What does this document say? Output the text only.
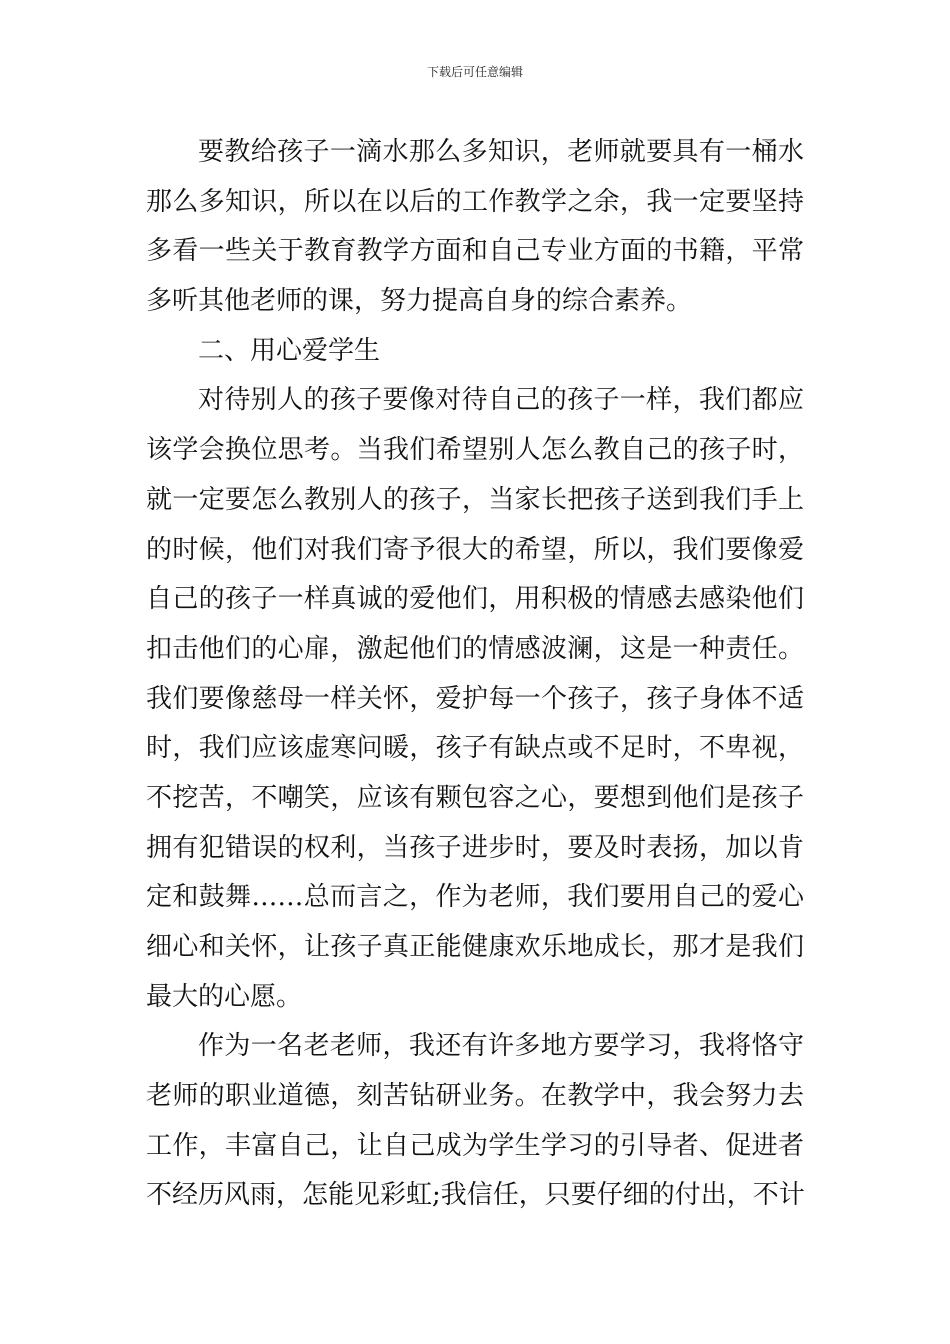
下载后可任意编辑
要教给孩子一滴水那么多知识，老师就要具有一桶水
那么多知识，所以在以后的工作教学之余，我一定要坚持
多看一些关于教育教学方面和自己专业方面的书籍，平常
多听其他老师的课，努力提高自身的综合素养。
二、用心爱学生
对待别人的孩子要像对待自己的孩子一样，我们都应
该学会换位思考。当我们希望别人怎么教自己的孩子时，
就一定要怎么教别人的孩子，当家长把孩子送到我们手上
的时候，他们对我们寄予很大的希望，所以，我们要像爱
自己的孩子一样真诚的爱他们，用积极的情感去感染他们
扣击他们的心扉，激起他们的情感波澜，这是一种责任。
我们要像慈母一样关怀，爱护每一个孩子，孩子身体不适
时，我们应该虚寒问暖，孩子有缺点或不足时，不卑视，
不挖苦，不嘲笑，应该有颗包容之心，要想到他们是孩子
拥有犯错误的权利，当孩子进步时，要及时表扬，加以肯
定和鼓舞……总而言之，作为老师，我们要用自己的爱心
细心和关怀，让孩子真正能健康欢乐地成长，那才是我们
最大的心愿。
作为一名老老师，我还有许多地方要学习，我将恪守
老师的职业道德，刻苦钻研业务。在教学中，我会努力去
工作，丰富自己，让自己成为学生学习的引导者、促进者
不经历风雨，怎能见彩虹;我信任，只要仔细的付出，不计
